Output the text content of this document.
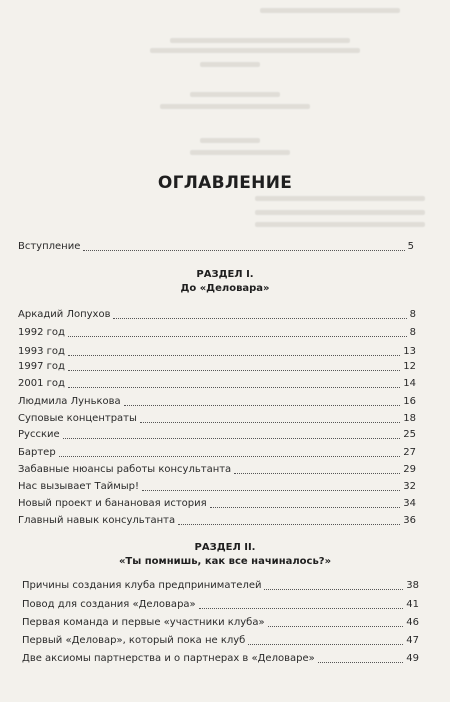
ОГЛАВЛЕНИЕ
Вступление	5
РАЗДЕЛ I.
До «Деловара»
Аркадий Лопухов	8
1992 год	8
1993 год	13
1997 год	12
2001 год	14
Людмила Лунькова	16
Суповые концентраты	18
Русские	25
Бартер	27
Забавные нюансы работы консультанта	29
Нас вызывает Таймыр!	32
Новый проект и банановая история	34
Главный навык консультанта	36
РАЗДЕЛ II.
«Ты помнишь, как все начиналось?»
Причины создания клуба предпринимателей	38
Повод для создания «Деловара»	41
Первая команда и первые «участники клуба»	46
Первый «Деловар», который пока не клуб	47
Две аксиомы партнерства и о партнерах в «Деловаре»	49
